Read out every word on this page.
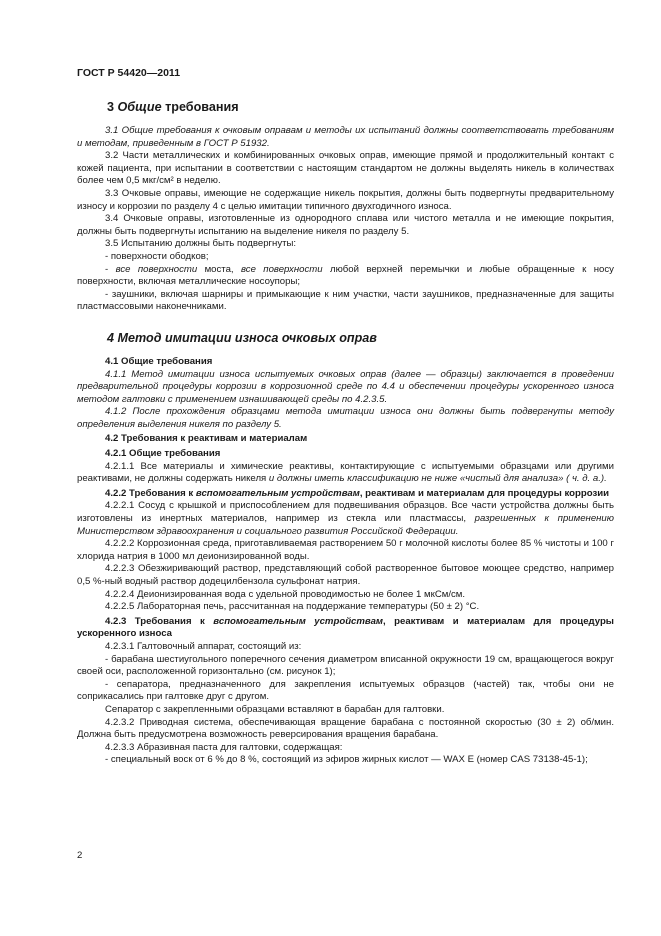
ГОСТ Р 54420—2011
3 Общие требования

3.1 Общие требования к очковым оправам и методы их испытаний должны соответствовать требованиям и методам, приведенным в ГОСТ Р 51932.

3.2 Части металлических и комбинированных очковых оправ, имеющие прямой и продолжительный контакт с кожей пациента, при испытании в соответствии с настоящим стандартом не должны выделять никель в количествах более чем 0,5 мкг/см² в неделю.

3.3 Очковые оправы, имеющие не содержащие никель покрытия, должны быть подвергнуты предварительному износу и коррозии по разделу 4 с целью имитации типичного двухгодичного износа.

3.4 Очковые оправы, изготовленные из однородного сплава или чистого металла и не имеющие покрытия, должны быть подвергнуты испытанию на выделение никеля по разделу 5.

3.5 Испытанию должны быть подвергнуты:

- поверхности ободков;

- все поверхности моста, все поверхности любой верхней перемычки и любые обращенные к носу поверхности, включая металлические носоупоры;

- заушники, включая шарниры и примыкающие к ним участки, части заушников, предназначенные для защиты пластмассовыми наконечниками.

4 Метод имитации износа очковых оправ
4.1 Общие требования

4.1.1 Метод имитации износа испытуемых очковых оправ (далее — образцы) заключается в проведении предварительной процедуры коррозии в коррозионной среде по 4.4 и обеспечении процедуры ускоренного износа методом галтовки с применением изнашивающей среды по 4.2.3.5.

4.1.2 После прохождения образцами метода имитации износа они должны быть подвергнуты методу определения выделения никеля по разделу 5.

4.2 Требования к реактивам и материалам
4.2.1 Общие требования

4.2.1.1 Все материалы и химические реактивы, контактирующие с испытуемыми образцами или другими реактивами, не должны содержать никеля и должны иметь классификацию не ниже «чистый для анализа» ( ч. д. а.).

4.2.2 Требования к вспомогательным устройствам, реактивам и материалам для процедуры коррозии

4.2.2.1 Сосуд с крышкой и приспособлением для подвешивания образцов. Все части устройства должны быть изготовлены из инертных материалов, например из стекла или пластмассы, разрешенных к применению Министерством здравоохранения и социального развития Российской Федерации.

4.2.2.2 Коррозионная среда, приготавливаемая растворением 50 г молочной кислоты более 85 % чистоты и 100 г хлорида натрия в 1000 мл деионизированной воды.

4.2.2.3 Обезжиривающий раствор, представляющий собой растворенное бытовое моющее средство, например 0,5 %-ный водный раствор додецилбензола сульфонат натрия.

4.2.2.4 Деионизированная вода с удельной проводимостью не более 1 мкСм/см.

4.2.2.5 Лабораторная печь, рассчитанная на поддержание температуры (50 ± 2) °С.

4.2.3 Требования к вспомогательным устройствам, реактивам и материалам для процедуры ускоренного износа

4.2.3.1 Галтовочный аппарат, состоящий из:

- барабана шестиугольного поперечного сечения диаметром вписанной окружности 19 см, вращающегося вокруг своей оси, расположенной горизонтально (см. рисунок 1);

- сепаратора, предназначенного для закрепления испытуемых образцов (частей) так, чтобы они не соприкасались при галтовке друг с другом.

Сепаратор с закрепленными образцами вставляют в барабан для галтовки.

4.2.3.2 Приводная система, обеспечивающая вращение барабана с постоянной скоростью (30 ± 2) об/мин. Должна быть предусмотрена возможность реверсирования вращения барабана.

4.2.3.3 Абразивная паста для галтовки, содержащая:

- специальный воск от 6 % до 8 %, состоящий из эфиров жирных кислот — WAX E (номер CAS 73138-45-1);

2
